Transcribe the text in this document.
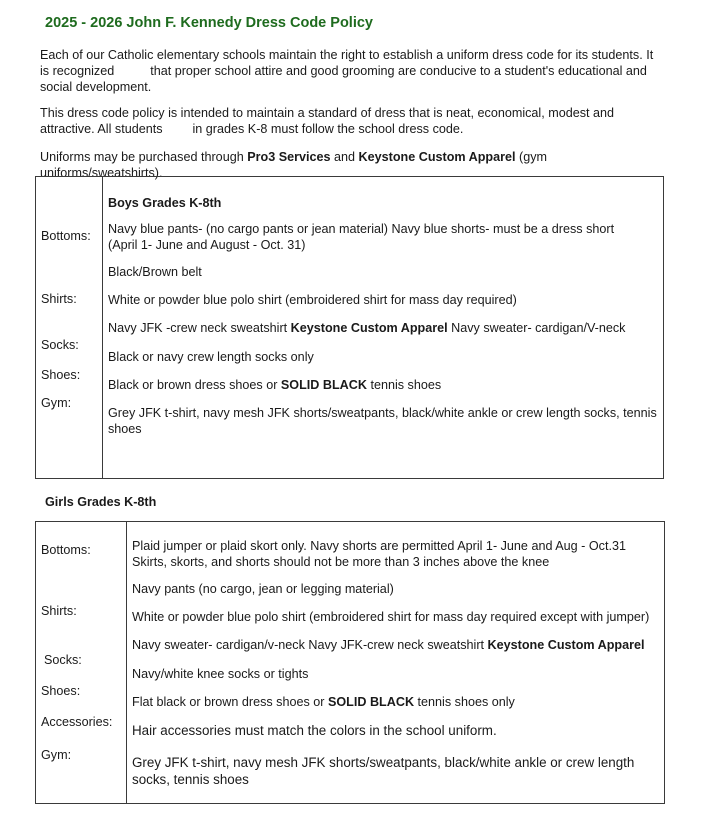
2025 - 2026 John F. Kennedy Dress Code Policy
Each of our Catholic elementary schools maintain the right to establish a uniform dress code for its students. It
is recognized	that proper school attire and good grooming are conducive to a student's educational and
social development.
This dress code policy is intended to maintain a standard of dress that is neat, economical, modest and
attractive. All students in grades K-8 must follow the school dress code.
Uniforms may be purchased through Pro3 Services and Keystone Custom Apparel (gym
uniforms/sweatshirts).
Boys Grades K-8th
Bottoms: Navy blue pants- (no cargo pants or jean material) Navy blue shorts- must be a dress short
(April 1- June and August - Oct. 31)
Black/Brown belt
Shirts: White or powder blue polo shirt (embroidered shirt for mass day required)
Navy JFK -crew neck sweatshirt Keystone Custom Apparel Navy sweater- cardigan/V-neck
Socks:
Black or navy crew length socks only
Shoes:
Black or brown dress shoes or SOLID BLACK tennis shoes
Gym:
Grey JFK t-shirt, navy mesh JFK shorts/sweatpants, black/white ankle or crew length socks, tennis
shoes
Girls Grades K-8th
Bottoms:	Plaid jumper or plaid skort only. Navy shorts are permitted April 1- June and Aug - Oct.31
Skirts, skorts, and shorts should not be more than 3 inches above the knee
Navy pants (no cargo, jean or legging material)
Shirts:	White or powder blue polo shirt (embroidered shirt for mass day required except with jumper)
Navy sweater- cardigan/v-neck Navy JFK-crew neck sweatshirt Keystone Custom Apparel
Socks:
Navy/white knee socks or tights
Shoes:
Flat black or brown dress shoes or SOLID BLACK tennis shoes only
Accessories:
Hair accessories must match the colors in the school uniform.
Gym:	Grey JFK t-shirt, navy mesh JFK shorts/sweatpants, black/white ankle or crew length
socks, tennis shoes
